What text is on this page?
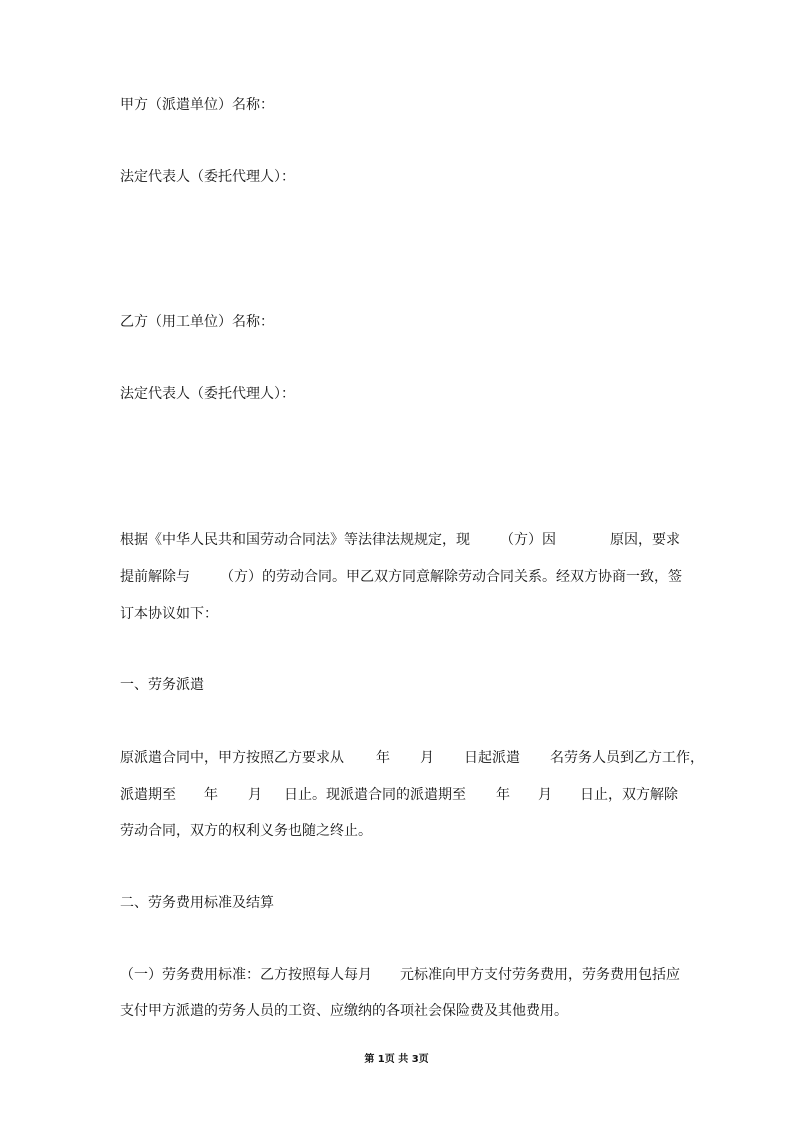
甲方（派遣单位）名称：
法定代表人（委托代理人）：
乙方（用工单位）名称：
法定代表人（委托代理人）：
根据《中华人民共和国劳动合同法》等法律法规规定，现 （方）因	原因，要求
提前解除与 （方）的劳动合同。甲乙双方同意解除劳动合同关系。经双方协商一致，签
订本协议如下：
一、劳务派遣
原派遣合同中，甲方按照乙方要求从 年 月 日起派遣 名劳务人员到乙方工作，
派遣期至 年 月 日止。现派遣合同的派遣期至 年 月 日止，双方解除
劳动合同，双方的权利义务也随之终止。
二、劳务费用标准及结算
（一）劳务费用标准：乙方按照每人每月 元标准向甲方支付劳务费用，劳务费用包括应
支付甲方派遣的劳务人员的工资、应缴纳的各项社会保险费及其他费用。
第 1页 共 3页
